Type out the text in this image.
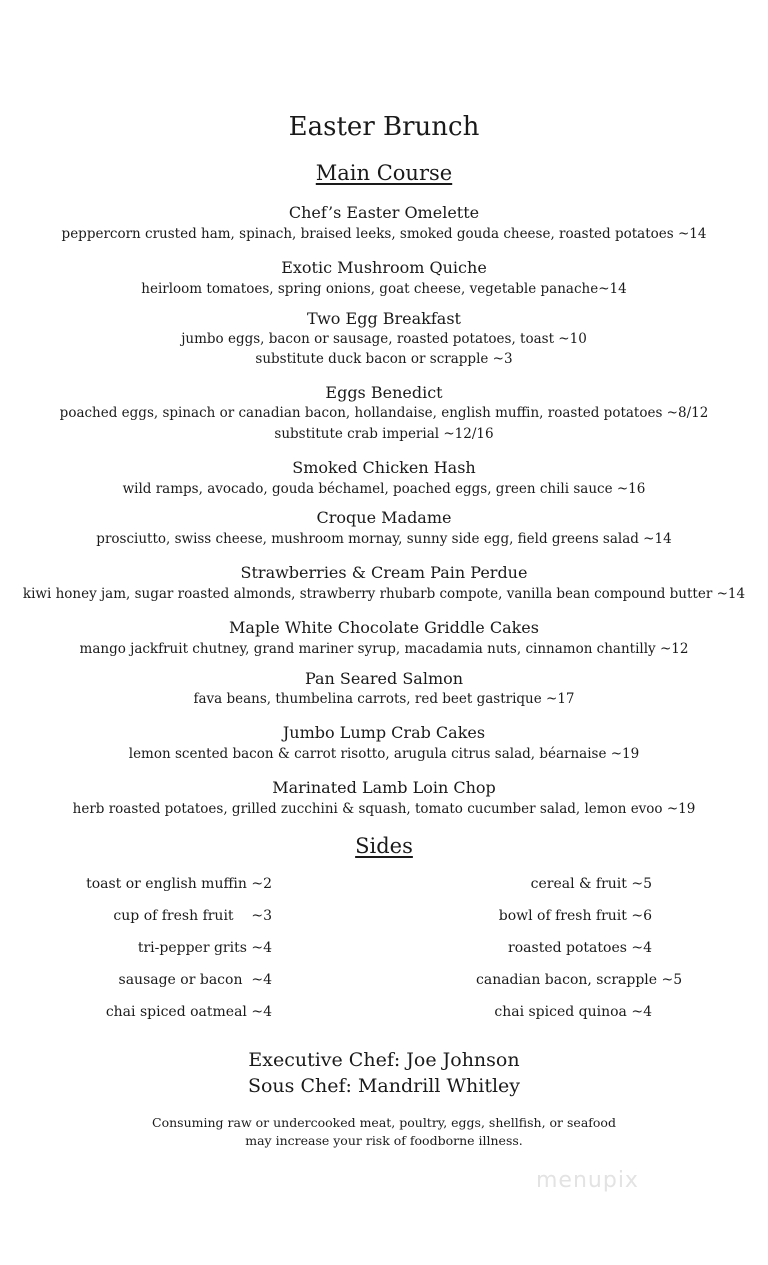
Easter Brunch
Main Course
Chef’s Easter Omelette
peppercorn crusted ham, spinach, braised leeks, smoked gouda cheese, roasted potatoes ~14
Exotic Mushroom Quiche
heirloom tomatoes, spring onions, goat cheese, vegetable panache~14
Two Egg Breakfast
jumbo eggs, bacon or sausage, roasted potatoes, toast ~10
substitute duck bacon or scrapple ~3
Eggs Benedict
poached eggs, spinach or canadian bacon, hollandaise, english muffin, roasted potatoes ~8/12
substitute crab imperial ~12/16
Smoked Chicken Hash
wild ramps, avocado, gouda béchamel, poached eggs, green chili sauce ~16
Croque Madame
prosciutto, swiss cheese, mushroom mornay, sunny side egg, field greens salad ~14
Strawberries & Cream Pain Perdue
kiwi honey jam, sugar roasted almonds, strawberry rhubarb compote, vanilla bean compound butter ~14
Maple White Chocolate Griddle Cakes
mango jackfruit chutney, grand mariner syrup, macadamia nuts, cinnamon chantilly ~12
Pan Seared Salmon
fava beans, thumbelina carrots, red beet gastrique ~17
Jumbo Lump Crab Cakes
lemon scented bacon & carrot risotto, arugula citrus salad, béarnaise ~19
Marinated Lamb Loin Chop
herb roasted potatoes, grilled zucchini & squash, tomato cucumber salad, lemon evoo ~19
Sides
toast or english muffin ~2
cup of fresh fruit    ~3
tri-pepper grits ~4
sausage or bacon  ~4
chai spiced oatmeal ~4
cereal & fruit ~5
bowl of fresh fruit ~6
roasted potatoes ~4
canadian bacon, scrapple ~5
chai spiced quinoa ~4
Executive Chef: Joe Johnson
Sous Chef: Mandrill Whitley
Consuming raw or undercooked meat, poultry, eggs, shellfish, or seafood
may increase your risk of foodborne illness.
menupix
